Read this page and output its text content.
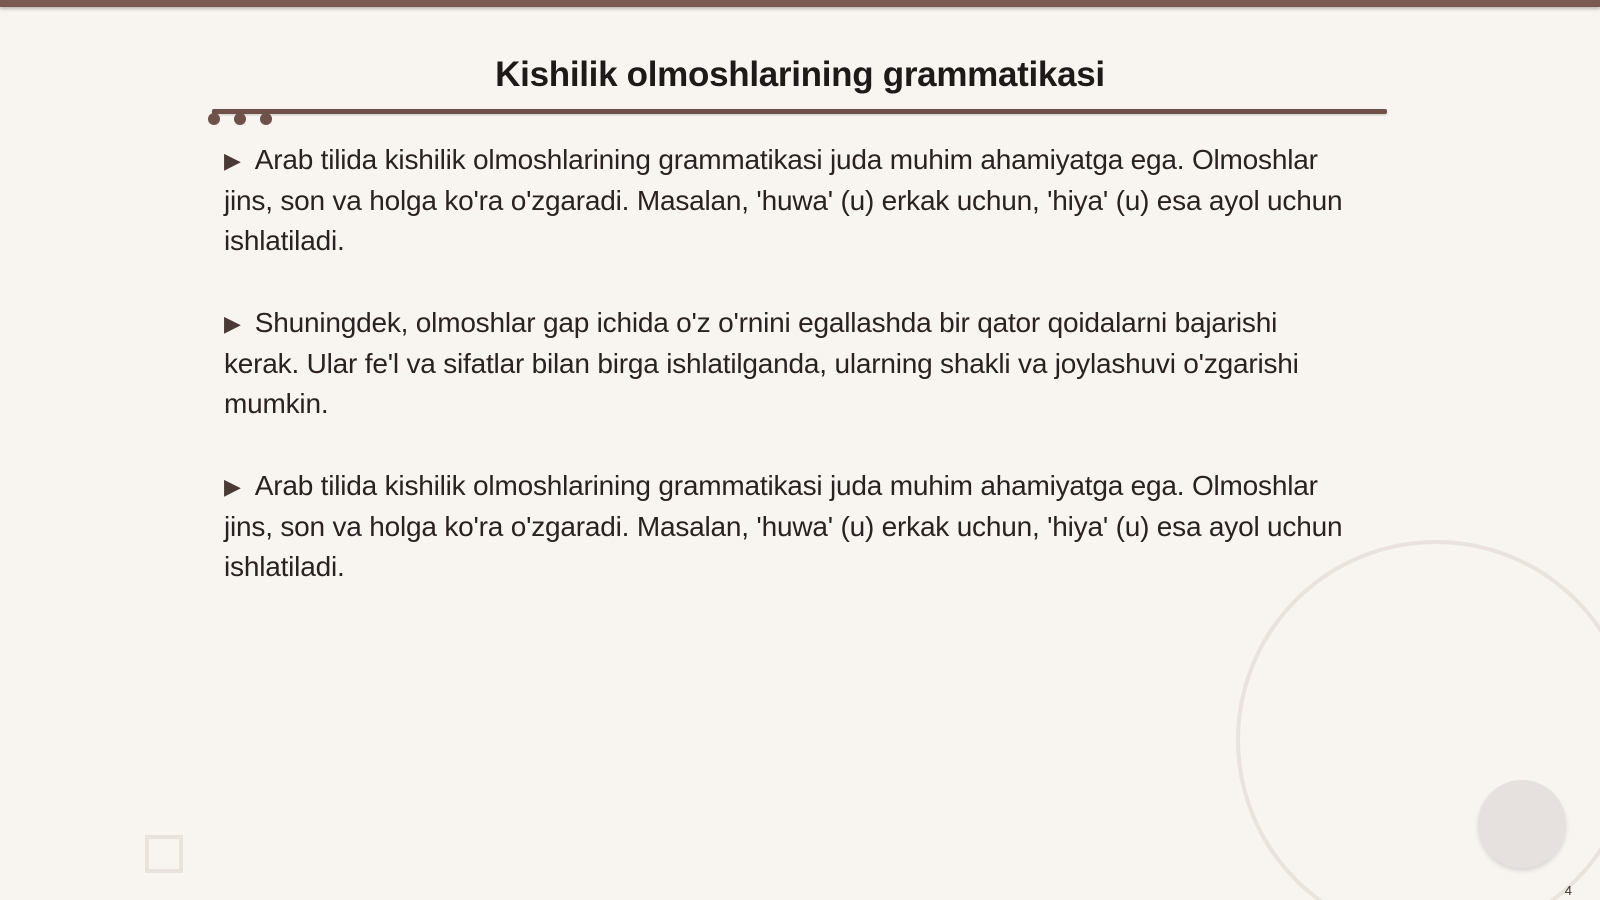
Kishilik olmoshlarining grammatikasi

▶ Arab tilida kishilik olmoshlarining grammatikasi juda muhim ahamiyatga ega. Olmoshlar jins, son va holga ko'ra o'zgaradi. Masalan, 'huwa' (u) erkak uchun, 'hiya' (u) esa ayol uchun ishlatiladi.

▶ Shuningdek, olmoshlar gap ichida o'z o'rnini egallashda bir qator qoidalarni bajarishi kerak. Ular fe'l va sifatlar bilan birga ishlatilganda, ularning shakli va joylashuvi o'zgarishi mumkin.

▶ Arab tilida kishilik olmoshlarining grammatikasi juda muhim ahamiyatga ega. Olmoshlar jins, son va holga ko'ra o'zgaradi. Masalan, 'huwa' (u) erkak uchun, 'hiya' (u) esa ayol uchun ishlatiladi.

4
